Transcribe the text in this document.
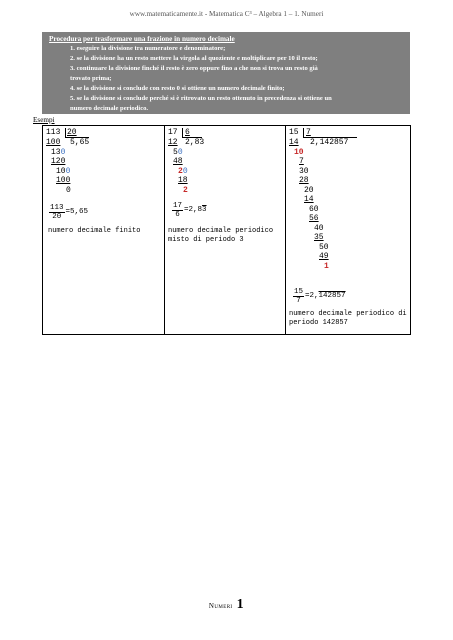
www.matematicamente.it - Matematica C³ – Algebra 1 – 1. Numeri
Procedura per trasformare una frazione in numero decimale
1. eseguire la divisione tra numeratore e denominatore;
2. se la divisione ha un resto mettere la virgola al quoziente e moltiplicare per 10 il resto;
3. continuare la divisione finché il resto è zero oppure fino a che non si trova un resto già
trovato prima;
4. se la divisione si conclude con resto 0 si ottiene un numero decimale finito;
5. se la divisione si conclude perché si è ritrovato un resto ottenuto in precedenza si ottiene un
numero decimale periodico.
Esempi
113 20
100 5,65
130
120
100
100
0
$\frac{113}{20} =5,65$
numero decimale finito

17 6
12 2,83
50
48
20
18
2
$\frac{17}{6} =2,8$ 3
numero decimale periodico misto di periodo 3

15 7
14 2,142857
10
7
30
28
20
14
60
56
40
35
50
49
1
$\frac{15}{7} =2$, 142857
numero decimale periodico di periodo 142857
Numeri 1
